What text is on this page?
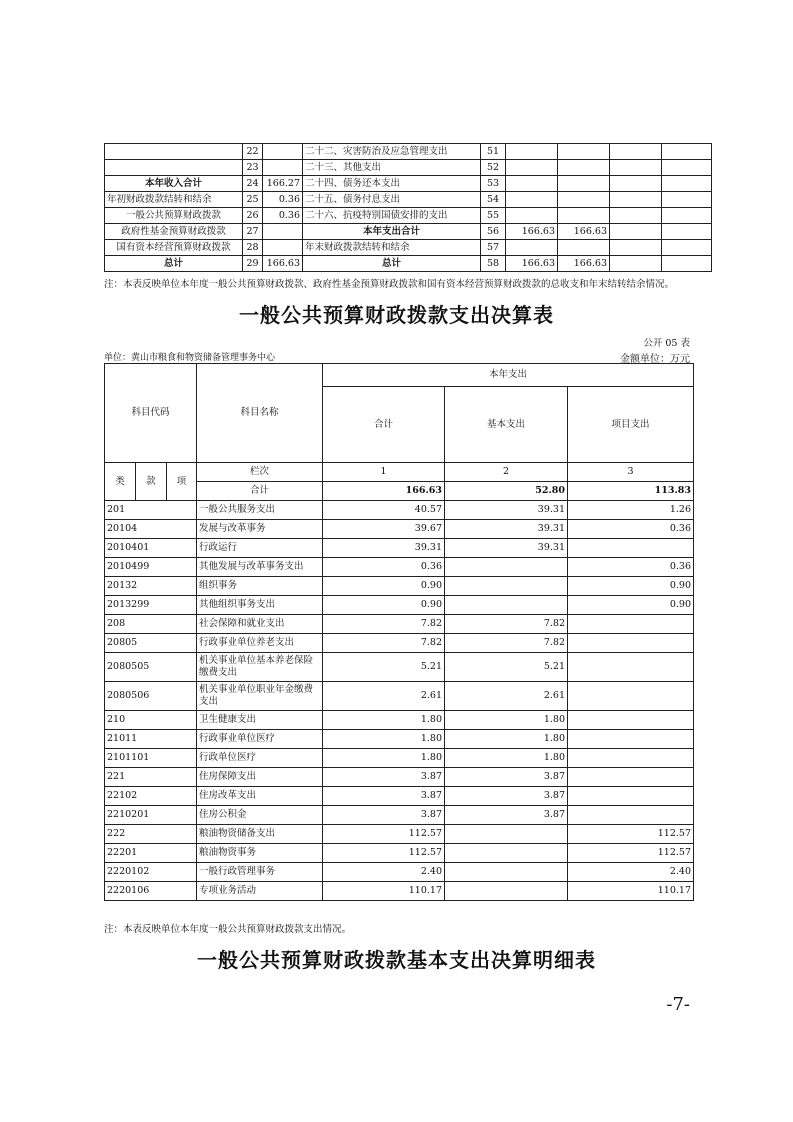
	22		二十二、灾害防治及应急管理支出	51				
	23		二十三、其他支出	52				
本年收入合计	24	166.27	二十四、债务还本支出	53				
年初财政拨款结转和结余	25	0.36	二十五、债务付息支出	54				
一般公共预算财政拨款	26	0.36	二十六、抗疫特别国债安排的支出	55				
政府性基金预算财政拨款	27		本年支出合计	56	166.63	166.63		
国有资本经营预算财政拨款	28		年末财政拨款结转和结余	57				
总计	29	166.63	总计	58	166.63	166.63		
注：本表反映单位本年度一般公共预算财政拨款、政府性基金预算财政拨款和国有资本经营预算财政拨款的总收支和年末结转结余情况。
一般公共预算财政拨款支出决算表
公开 05 表
单位：黄山市粮食和物资储备管理事务中心	金额单位：万元
科目代码			科目名称	本年支出		
				合计	基本支出	项目支出

类	款	项	栏次	1	2	3
			合计	166.63	52.80	113.83
201			一般公共服务支出	40.57	39.31	1.26
20104			发展与改革事务	39.67	39.31	0.36
2010401			行政运行	39.31	39.31	
2010499			其他发展与改革事务支出	0.36		0.36
20132			组织事务	0.90		0.90
2013299			其他组织事务支出	0.90		0.90
208			社会保障和就业支出	7.82	7.82	
20805			行政事业单位养老支出	7.82	7.82	
2080505			机关事业单位基本养老保险缴费支出	5.21	5.21	
2080506			机关事业单位职业年金缴费支出	2.61	2.61	
210			卫生健康支出	1.80	1.80	
21011			行政事业单位医疗	1.80	1.80	
2101101			行政单位医疗	1.80	1.80	
221			住房保障支出	3.87	3.87	
22102			住房改革支出	3.87	3.87	
2210201			住房公积金	3.87	3.87	
222			粮油物资储备支出	112.57		112.57
22201			粮油物资事务	112.57		112.57
2220102			一般行政管理事务	2.40		2.40
2220106			专项业务活动	110.17		110.17
注：本表反映单位本年度一般公共预算财政拨款支出情况。
一般公共预算财政拨款基本支出决算明细表
-7-
